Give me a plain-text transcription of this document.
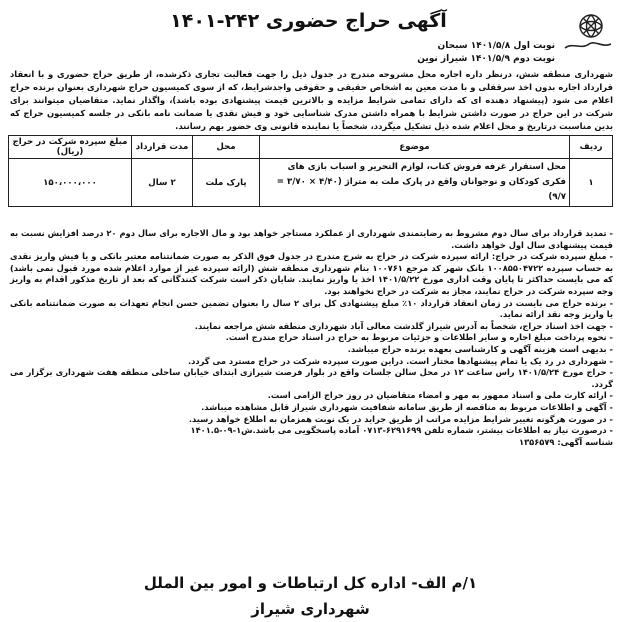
آگهی حراج حضوری ۲۴۲-۱۴۰۱
نوبت اول ۱۴۰۱/۵/۸ سبحان
نوبت دوم ۱۴۰۱/۵/۹ شیراز نوین
شهرداری منطقه شش، درنظر داره اجاره محل مشروحه مندرج در جدول ذیل را جهت فعالیت تجاری ذکرشده، از طریق حراج حضوری و با انعقاد قرارداد اجاره بدون اخذ سرقفلی و با مدت معین به اشخاص حقیقی و حقوقی واجدشرایط، که از سوی کمیسیون حراج شهرداری بعنوان برنده حراج اعلام می شود (پیشنهاد دهنده ای که دارای تمامی شرایط مزایده و بالاترین قیمت پیشنهادی بوده باشد)، واگذار نماید. متقاضیان میتوانند برای شرکت در این حراج در صورت داشتن شرایط با همراه داشتن مدرک شناسایی خود و فیش نقدی یا ضمانت نامه بانکی در جلسه کمیسیون حراج که بدین مناسبت درتاریخ و محل اعلام شده ذیل تشکیل میگردد، شخصاً یا نماینده قانونی وی حضور بهم رسانند.
ردیف	موضوع	محل	مدت قرارداد	مبلغ سپرده شرکت در حراج (ریال)
۱	محل استقرار غرفه فروش کتاب، لوازم التحریر و اسباب بازی های فکری کودکان و نوجوانان واقع در پارک ملت به متراژ (۴/۴۰ × ۳/۷۰ = ۹/۷)	پارک ملت	۲ سال	۱۵۰،۰۰۰،۰۰۰

- تمدید قرارداد برای سال دوم مشروط به رضایتمندی شهرداری از عملکرد مستاجر خواهد بود و مال الاجاره برای سال دوم ۲۰ درصد افزایش نسبت به قیمت پیشنهادی سال اول خواهد داشت.

- مبلغ سپرده شرکت در حراج: ارائه سپرده شرکت در حراج به شرح مندرج در جدول فوق الذکر به صورت ضمانتنامه معتبر بانکی و یا فیش واریز نقدی به حساب سپرده ۱۰۰۸۵۵۰۴۷۲۲ بانک شهر کد مرجع ۱۰۰۷۶۱ بنام شهرداری منطقه شش (ارائه سپرده غیر از موارد اعلام شده مورد قبول نمی باشد) که می بایست حداکثر تا پایان وقت اداری مورخ ۱۴۰۱/۵/۲۲ اخذ یا واریز نمایند. شایان ذکر است شرکت کنندگانی که بعد از تاریخ مذکور اقدام به واریز وجه سپرده شرکت در حراج نمایند، مجاز به شرکت در حراج نخواهند بود.

- برنده حراج می بایست در زمان انعقاد قرارداد ۱۰٪ مبلغ پیشنهادی کل برای ۲ سال را بعنوان تضمین حسن انجام تعهدات به صورت ضمانتنامه بانکی یا واریز وجه نقد ارائه نماید.

- جهت اخذ اسناد حراج، شخصاً به آدرس شیراز گلدشت معالی آباد شهرداری منطقه شش مراجعه نمایند.

- نحوه پرداخت مبلغ اجاره و سایر اطلاعات و جزئیات مربوط به حراج در اسناد حراج مندرج است.

- بدیهی است هزینه آگهی و کارشناسی بعهده برنده حراج میباشد.

- شهرداری در رد یک یا تمام پیشنهادها مختار است. دراین صورت سپرده شرکت در حراج مسترد می گردد.

- حراج مورخ ۱۴۰۱/۵/۲۴ راس ساعت ۱۲ در محل سالن جلسات واقع در بلوار فرصت شیرازی ابتدای خیابان ساحلی منطقه هفت شهرداری برگزار می گردد.

- ارائه کارت ملی و اسناد ممهور به مهر و امضاء متقاضیان در روز حراج الزامی است.

- آگهی و اطلاعات مربوط به مناقصه از طریق سامانه شفافیت شهرداری شیراز قابل مشاهده میباشد.

- در صورت هرگونه تغییر شرایط مزایده مراتب از طریق جراید در یک نوبت همزمان به اطلاع خواهد رسید.

- درصورت نیاز به اطلاعات بیشتر، شماره تلفن ۶۲۹۱۶۹۹-۰۷۱۳ آماده پاسخگویی می باشد.ش۱-۰۹-۱۴۰۱.۵

شناسه آگهی: ۱۳۵۶۵۷۹

۱/م الف- اداره کل ارتباطات و امور بین الملل شهرداری شیراز
